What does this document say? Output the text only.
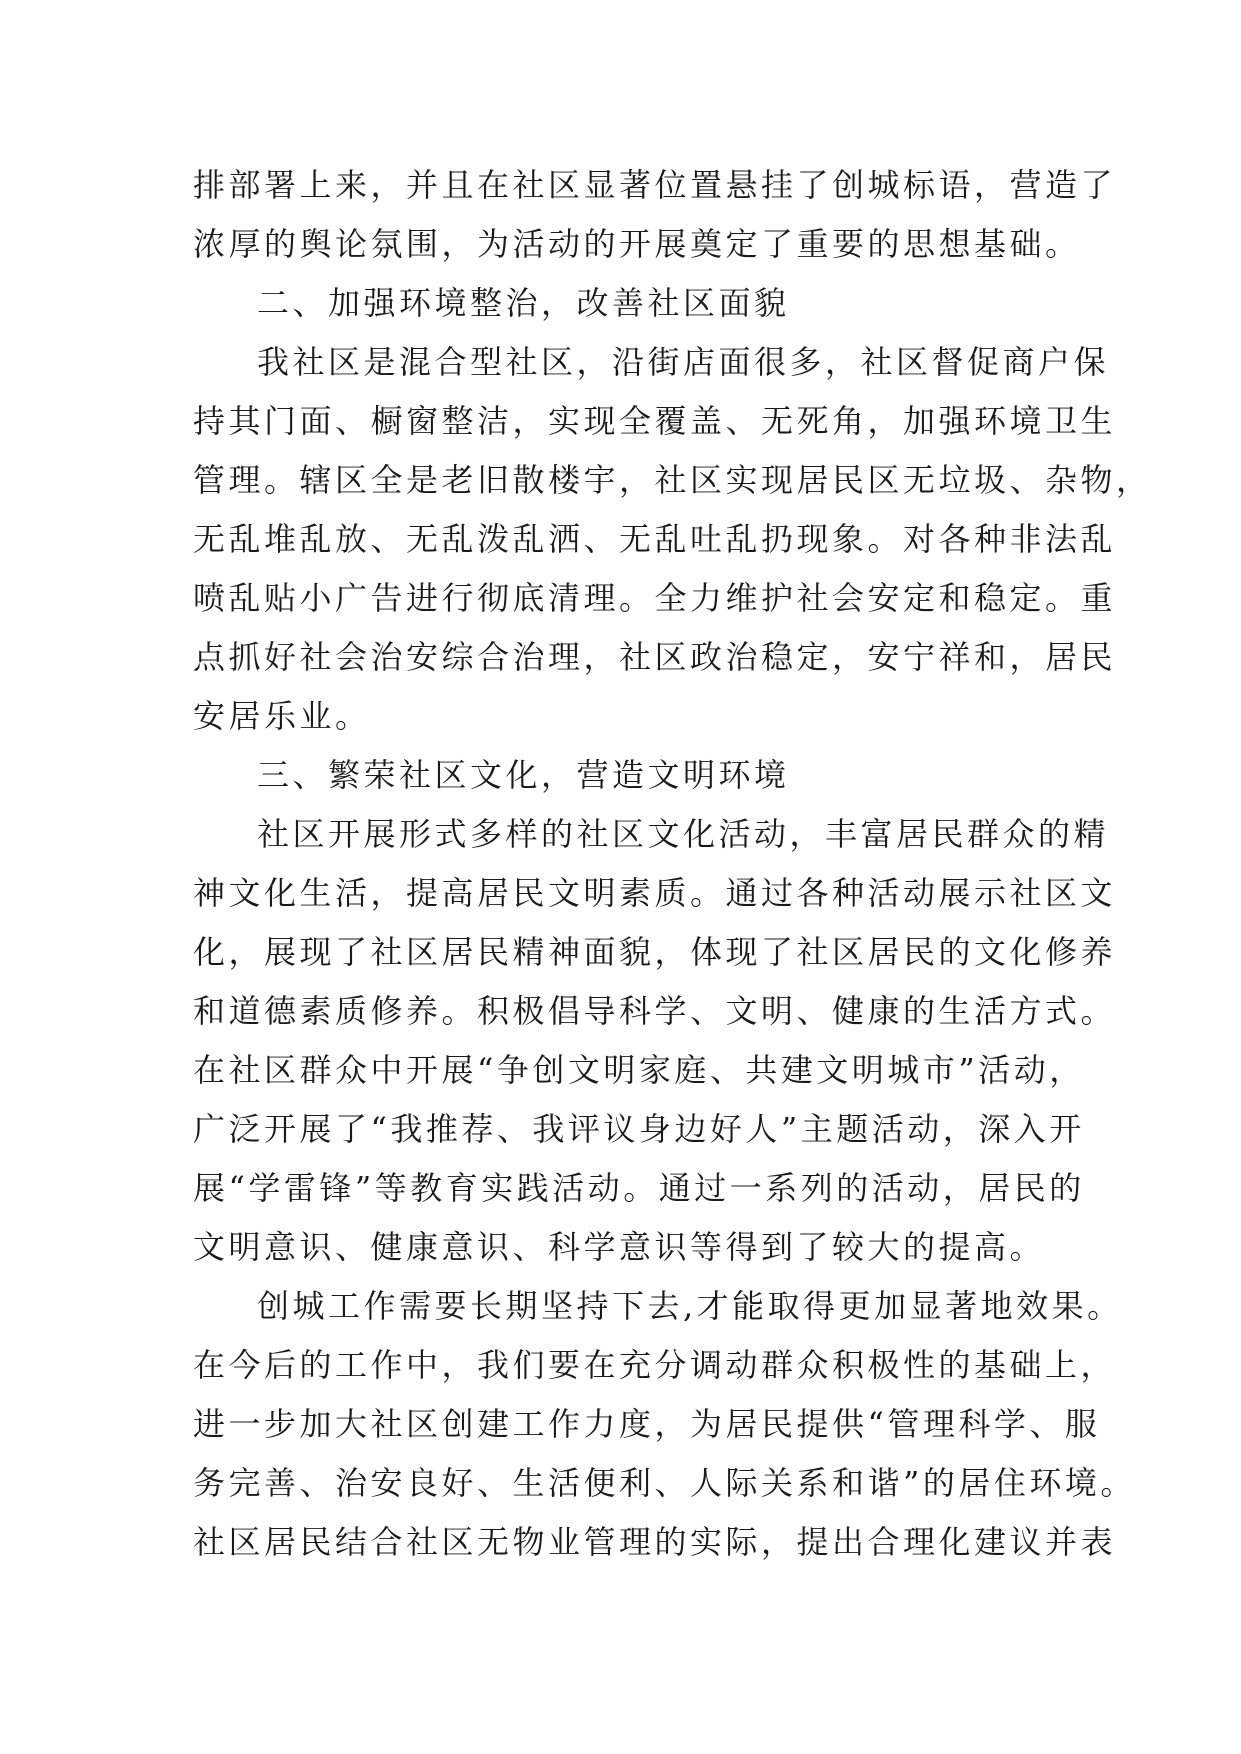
排部署上来，并且在社区显著位置悬挂了创城标语，营造了
浓厚的舆论氛围，为活动的开展奠定了重要的思想基础。

二、加强环境整治，改善社区面貌

我社区是混合型社区，沿街店面很多，社区督促商户保
持其门面、橱窗整洁，实现全覆盖、无死角，加强环境卫生
管理。辖区全是老旧散楼宇，社区实现居民区无垃圾、杂物，
无乱堆乱放、无乱泼乱洒、无乱吐乱扔现象。对各种非法乱
喷乱贴小广告进行彻底清理。全力维护社会安定和稳定。重
点抓好社会治安综合治理，社区政治稳定，安宁祥和，居民
安居乐业。

三、繁荣社区文化，营造文明环境

社区开展形式多样的社区文化活动，丰富居民群众的精
神文化生活，提高居民文明素质。通过各种活动展示社区文
化，展现了社区居民精神面貌，体现了社区居民的文化修养
和道德素质修养。积极倡导科学、文明、健康的生活方式。
在社区群众中开展“争创文明家庭、共建文明城市”活动，
广泛开展了“我推荐、我评议身边好人”主题活动，深入开
展“学雷锋”等教育实践活动。通过一系列的活动，居民的
文明意识、健康意识、科学意识等得到了较大的提高。

创城工作需要长期坚持下去,才能取得更加显著地效果。
在今后的工作中，我们要在充分调动群众积极性的基础上，
进一步加大社区创建工作力度，为居民提供“管理科学、服
务完善、治安良好、生活便利、人际关系和谐”的居住环境。
社区居民结合社区无物业管理的实际，提出合理化建议并表
